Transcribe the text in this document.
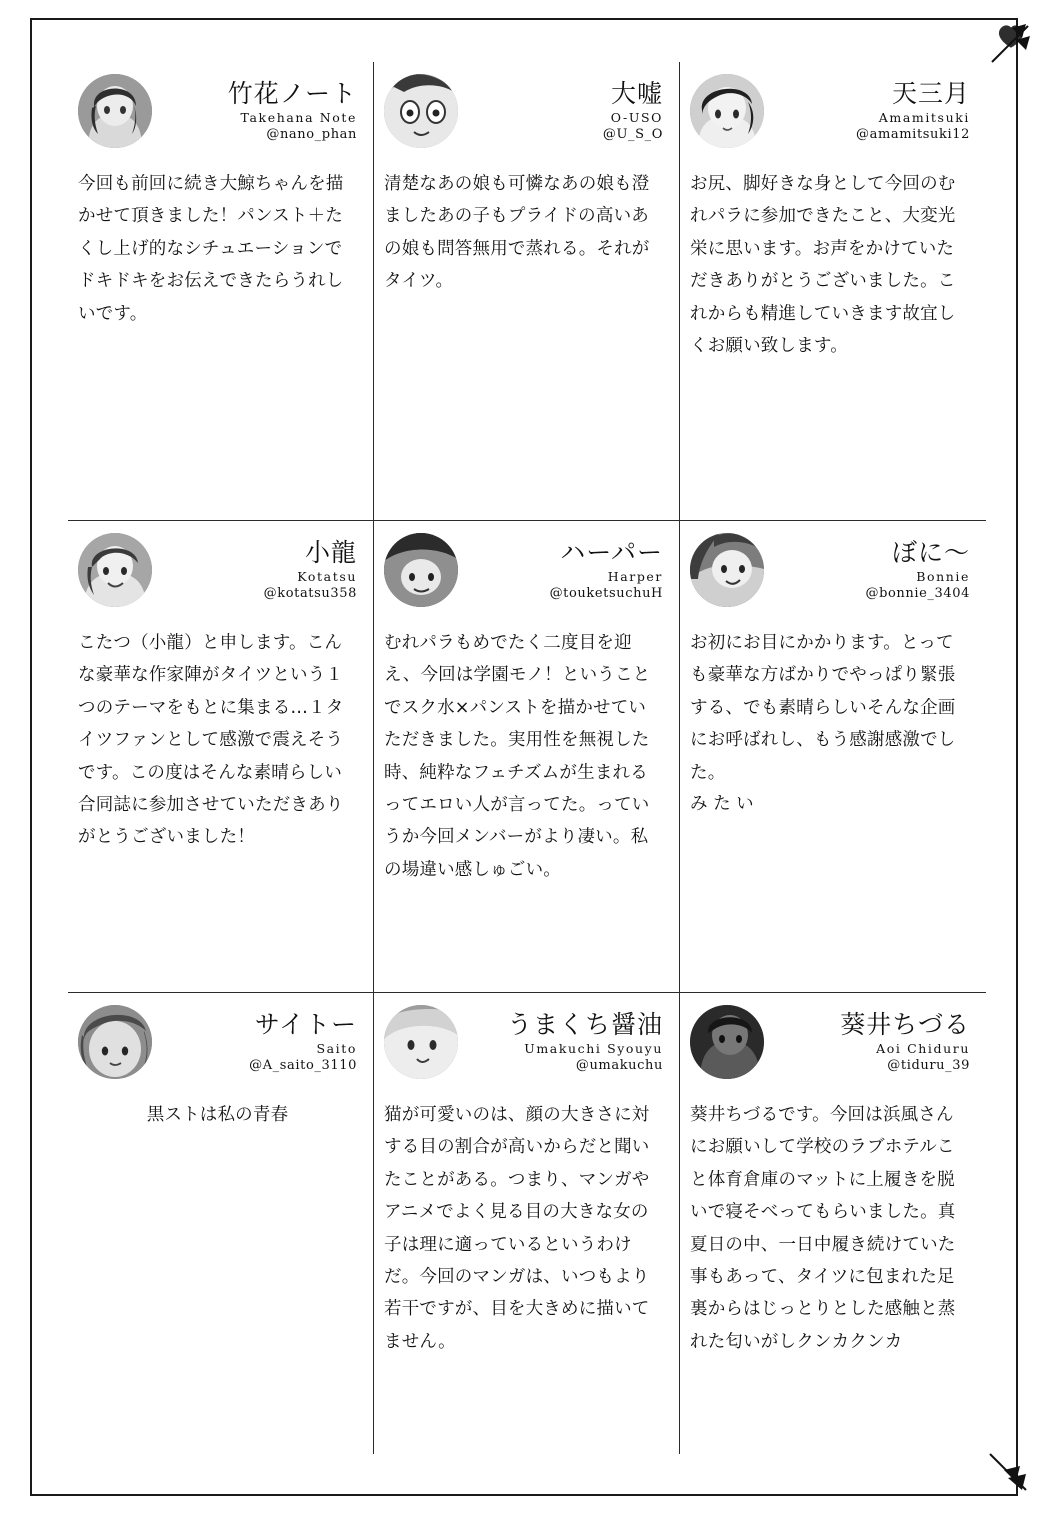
竹花ノート
Takehana Note
@nano_phan
今回も前回に続き大鯨ちゃんを描かせて頂きました！パンスト＋たくし上げ的なシチュエーションでドキドキをお伝えできたらうれしいです。
大嘘
O-USO
@U_S_O
清楚なあの娘も可憐なあの娘も澄ましたあの子もプライドの高いあの娘も問答無用で蒸れる。それがタイツ。
天三月
Amamitsuki
@amamitsuki12
お尻、脚好きな身として今回のむれパラに参加できたこと、大変光栄に思います。お声をかけていただきありがとうございました。これからも精進していきます故宜しくお願い致します。
小龍
Kotatsu
@kotatsu358
こたつ（小龍）と申します。こんな豪華な作家陣がタイツという１つのテーマをもとに集まる…１タイツファンとして感激で震えそうです。この度はそんな素晴らしい合同誌に参加させていただきありがとうございました！
ハーパー
Harper
@touketsuchuH
むれパラもめでたく二度目を迎え、今回は学園モノ！ということでスク水×パンストを描かせていただきました。実用性を無視した時、純粋なフェチズムが生まれるってエロい人が言ってた。っていうか今回メンバーがより凄い。私の場違い感しゅごい。
ぼに～
Bonnie
@bonnie_3404
お初にお目にかかります。とっても豪華な方ばかりでやっぱり緊張する、でも素晴らしいそんな企画にお呼ばれし、もう感謝感激でした。
み た い
サイトー
Saito
@A_saito_3110
黒ストは私の青春
うまくち醤油
Umakuchi Syouyu
@umakuchu
猫が可愛いのは、顔の大きさに対する目の割合が高いからだと聞いたことがある。つまり、マンガやアニメでよく見る目の大きな女の子は理に適っているというわけだ。今回のマンガは、いつもより若干ですが、目を大きめに描いてません。
葵井ちづる
Aoi Chiduru
@tiduru_39
葵井ちづるです。今回は浜風さんにお願いして学校のラブホテルこと体育倉庫のマットに上履きを脱いで寝そべってもらいました。真夏日の中、一日中履き続けていた事もあって、タイツに包まれた足裏からはじっとりとした感触と蒸れた匂いがしクンカクンカ
